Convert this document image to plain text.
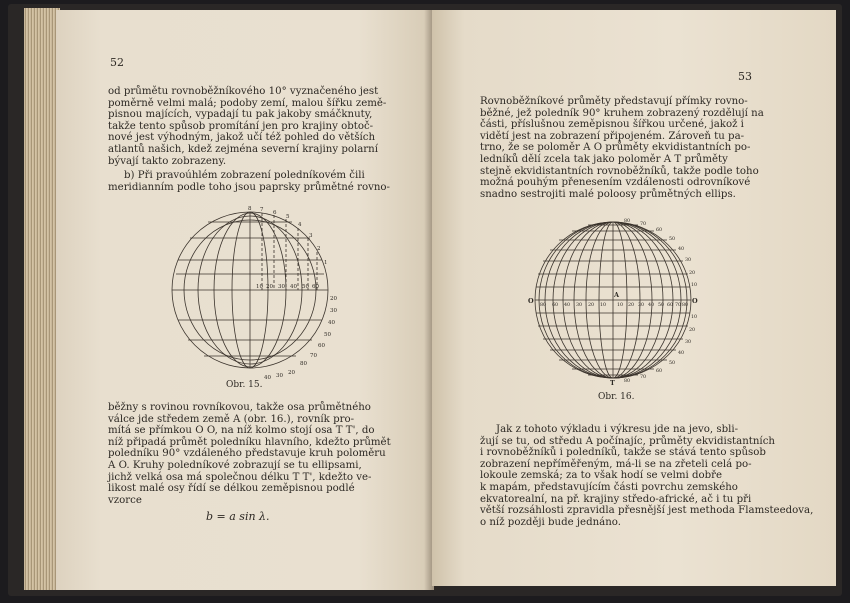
52
od průmětu rovnoběžníkového 10° vyznačeného jest
poměrně velmi malá; podoby zemí, malou šířku země-
pisnou majících, vypadají tu pak jakoby smáčknuty,
takže tento spůsob promítání jen pro krajiny obtoč-
nové jest výhodným, jakož učí též pohled do větších
atlantů našich, kdež zejména severní krajiny polarní
bývají takto zobrazeny.
b) Při pravoúhlém zobrazení poledníkovém čili
meridianním podle toho jsou paprsky průmětné rovno-
8 7 6
5
4
3
2
1
10 20 30 40 50 60
20
30
40
50
60
70
80
20
30
40
Obr. 15.
běžny s rovinou rovníkovou, takže osa průmětného
válce jde středem země A (obr. 16.), rovník pro-
mítá se přímkou O O, na níž kolmo stojí osa T T', do
níž připadá průmět poledníku hlavního, kdežto průmět
poledníku 90° vzdáleného představuje kruh poloměru
A O. Kruhy poledníkové zobrazují se tu ellipsami,
jichž velká osa má společnou délku T T', kdežto ve-
likost malé osy řídí se délkou zeměpisnou podlé
vzorce
b = a sin λ.
53
Rovnoběžníkové průměty představují přímky rovno-
běžné, jež poledník 90° kruhem zobrazený rozdělují na
části, příslušnou zeměpisnou šířkou určené, jakož i
vidětí jest na zobrazení připojeném. Zároveň tu pa-
trno, že se poloměr A O průměty ekvidistantních po-
ledníků dělí zcela tak jako poloměr A T průměty
stejně ekvidistantních rovnoběžníků, takže podle toho
možná pouhým přenesením vzdálenosti odrovníkové
snadno sestrojiti malé poloosy průmětných ellips.
80 60 40 30 20 10 10 20 30 40 50 60 70 80
80
70
60
50
40
30
20
10
10
20
30
40
50
60
70
80
A
O	O
T
Obr. 16.
Jak z tohoto výkladu i výkresu jde na jevo, sbli-
žují se tu, od středu A počínajíc, průměty ekvidistantních
i rovnoběžníků i poledníků, takže se stává tento spůsob
zobrazení nepříměřeným, má-li se na zřeteli celá po-
lokoule zemská; za to však hodí se velmi dobře
k mapám, představujícím části povrchu zemského
ekvatorealní, na př. krajiny středo-africké, ač i tu při
větší rozsáhlosti zpravidla přesnější jest methoda Flamsteedova,
o níž později bude jednáno.
